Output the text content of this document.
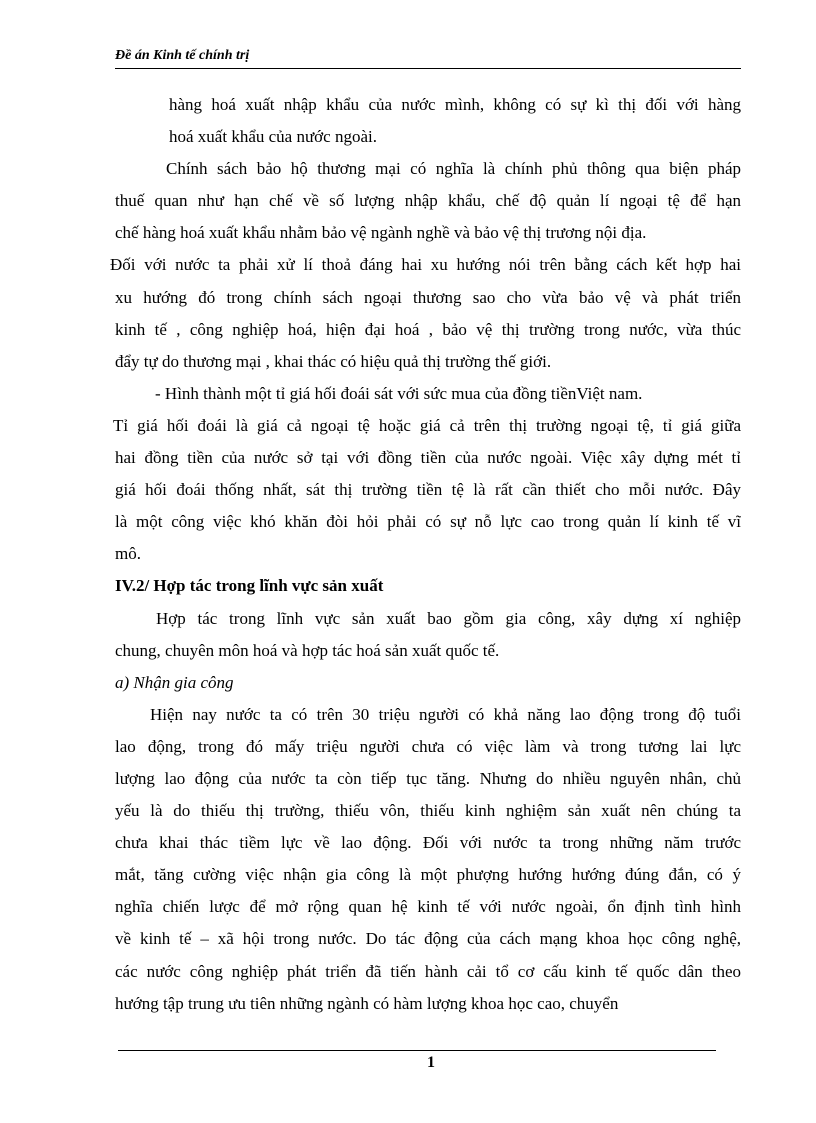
Đề án Kinh tế chính trị
hàng hoá xuất nhập khẩu của nước mình, không có sự kì thị đối với hàng
hoá xuất khẩu của nước ngoài.
Chính sách bảo hộ thương mại có nghĩa là chính phủ thông qua biện pháp
thuế quan như hạn chế về số lượng nhập khẩu, chế độ quản lí ngoại tệ để hạn
chế hàng hoá xuất khẩu nhằm bảo vệ ngành nghề và bảo vệ thị trương nội địa.
Đối với nước ta phải xử lí thoả đáng hai xu hướng nói trên bằng cách kết hợp hai
xu hướng đó trong chính sách ngoại thương sao cho vừa bảo vệ và phát triển
kinh tế , công nghiệp hoá, hiện đại hoá , bảo vệ thị trường trong nước, vừa thúc
đẩy tự do thương mại , khai thác có hiệu quả thị trường thế giới.
- Hình thành một tỉ giá hối đoái sát với sức mua của đồng tiềnViệt nam.
Tỉ giá hối đoái là giá cả ngoại tệ hoặc giá cả trên thị trường ngoại tệ, tỉ giá giữa
hai đồng tiền của nước sở tại với đồng tiền của nước ngoài. Việc xây dựng mét tỉ
giá hối đoái thống nhất, sát thị trường tiền tệ là rất cần thiết cho mỗi nước. Đây
là một công việc khó khăn đòi hỏi phải có sự nỗ lực cao trong quản lí kinh tế vĩ
mô.
IV.2/ Hợp tác trong lĩnh vực sản xuất
Hợp tác trong lĩnh vực sản xuất bao gồm gia công, xây dựng xí nghiệp
chung, chuyên môn hoá và hợp tác hoá sản xuất quốc tế.
a) Nhận gia công
Hiện nay nước ta có trên 30 triệu người có khả năng lao động trong độ tuổi
lao động, trong đó mấy triệu người chưa có việc làm và trong tương lai lực
lượng lao động của nước ta còn tiếp tục tăng. Nhưng do nhiều nguyên nhân, chủ
yếu là do thiếu thị trường, thiếu vôn, thiếu kinh nghiệm sản xuất nên chúng ta
chưa khai thác tiềm lực về lao động. Đối với nước ta trong những năm trước
mắt, tăng cường việc nhận gia công là một phượng hướng hướng đúng đắn, có ý
nghĩa chiến lược để mở rộng quan hệ kinh tế với nước ngoài, ổn định tình hình
về kinh tế – xã hội trong nước. Do tác động của cách mạng khoa học công nghệ,
các nước công nghiệp phát triển đã tiến hành cải tổ cơ cấu kinh tế quốc dân theo
hướng tập trung ưu tiên những ngành có hàm lượng khoa học cao, chuyển
1
